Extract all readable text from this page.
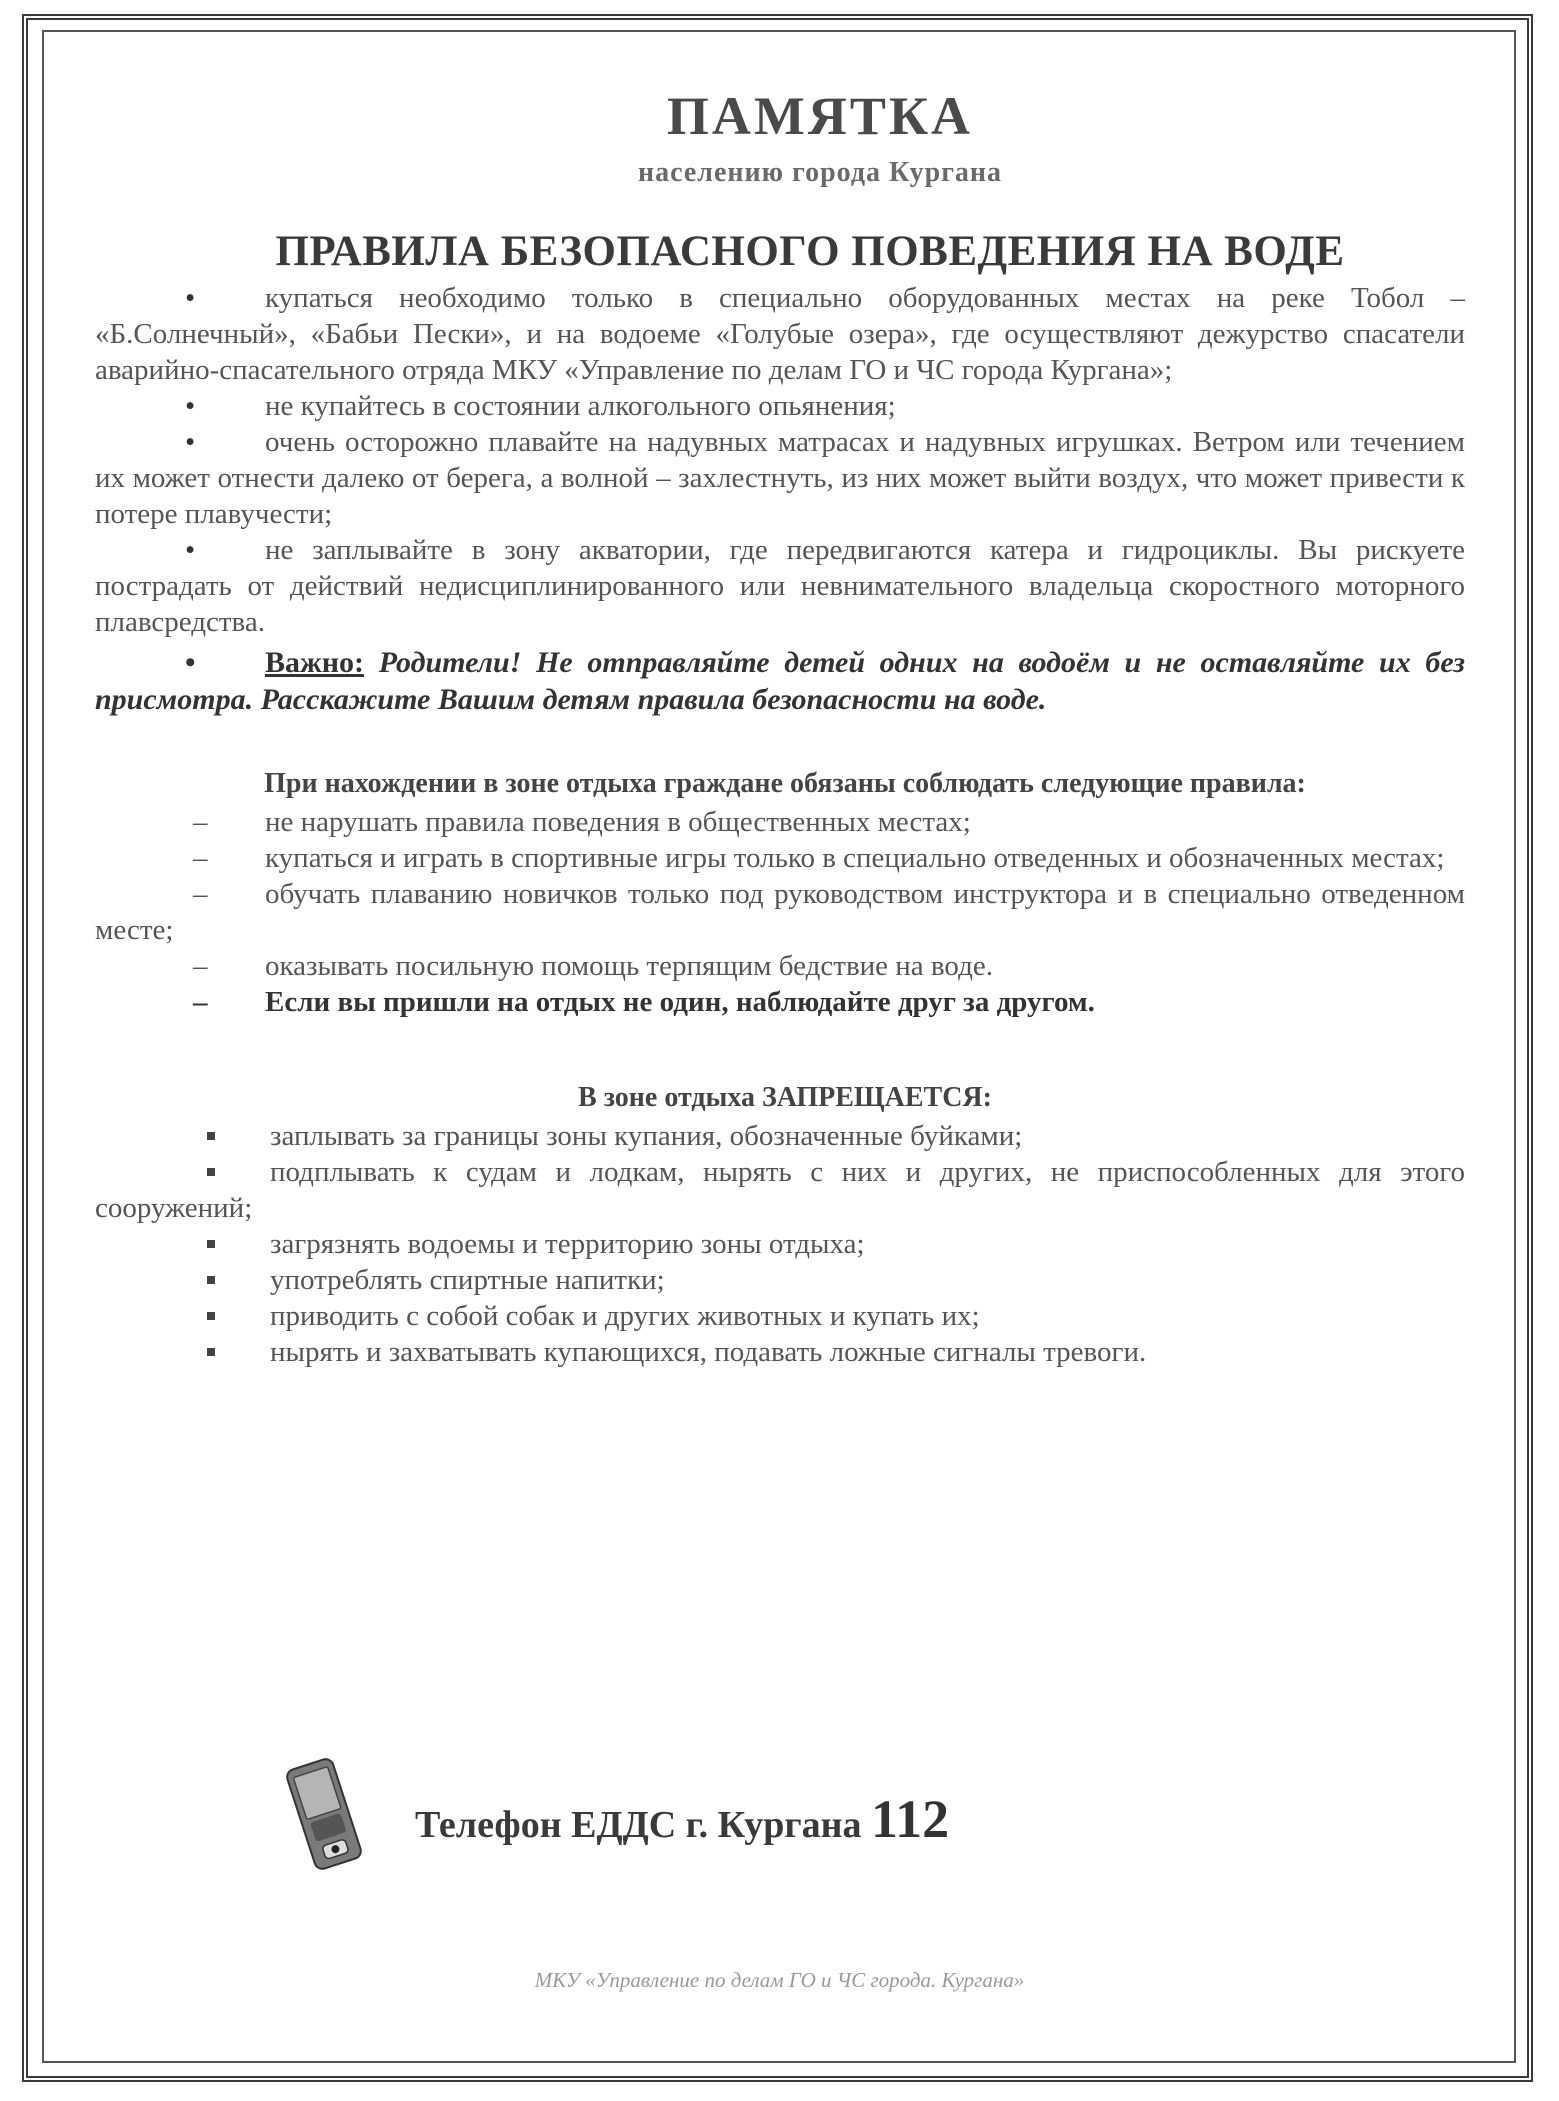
ПАМЯТКА
населению города Кургана
ПРАВИЛА БЕЗОПАСНОГО ПОВЕДЕНИЯ НА ВОДЕ

• купаться необходимо только в специально оборудованных местах на реке Тобол – «Б.Солнечный», «Бабьи Пески», и на водоеме «Голубые озера», где осуществляют дежурство спасатели аварийно-спасательного отряда МКУ «Управление по делам ГО и ЧС города Кургана»;

• не купайтесь в состоянии алкогольного опьянения;

• очень осторожно плавайте на надувных матрасах и надувных игрушках. Ветром или течением их может отнести далеко от берега, а волной – захлестнуть, из них может выйти воздух, что может привести к потере плавучести;

• не заплывайте в зону акватории, где передвигаются катера и гидроциклы. Вы рискуете пострадать от действий недисциплинированного или невнимательного владельца скоростного моторного плавсредства.

• Важно: Родители! Не отправляйте детей одних на водоём и не оставляйте их без присмотра. Расскажите Вашим детям правила безопасности на воде.

При нахождении в зоне отдыха граждане обязаны соблюдать следующие правила:

– не нарушать правила поведения в общественных местах;

– купаться и играть в спортивные игры только в специально отведенных и обозначенных местах;

– обучать плаванию новичков только под руководством инструктора и в специально отведенном месте;

– оказывать посильную помощь терпящим бедствие на воде.

– Если вы пришли на отдых не один, наблюдайте друг за другом.

В зоне отдыха ЗАПРЕЩАЕТСЯ:

заплывать за границы зоны купания, обозначенные буйками;

подплывать к судам и лодкам, нырять с них и других, не приспособленных для этого сооружений;

загрязнять водоемы и территорию зоны отдыха;

употреблять спиртные напитки;

приводить с собой собак и других животных и купать их;

нырять и захватывать купающихся, подавать ложные сигналы тревоги.

Телефон ЕДДС г. Кургана 112
МКУ «Управление по делам ГО и ЧС города. Кургана»
